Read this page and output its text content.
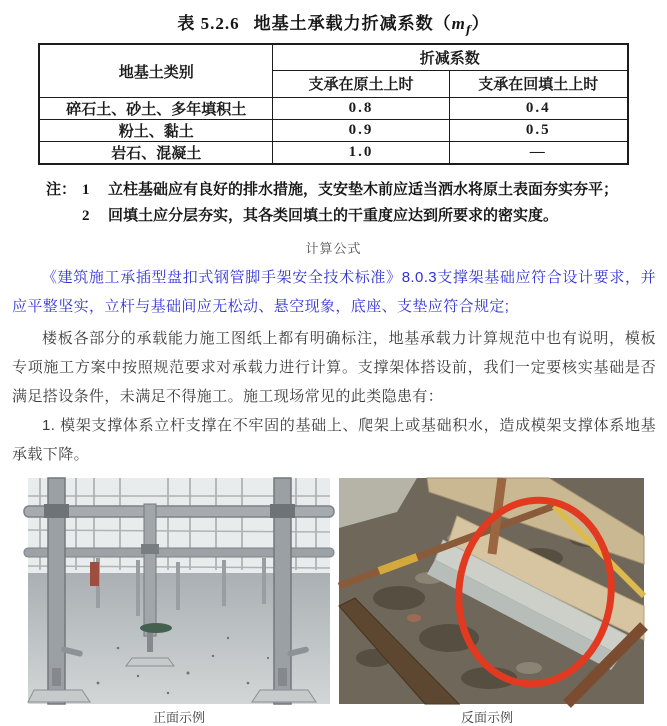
表 5.2.6 地基土承载力折减系数$(m_f)$
地基土类别	折减系数	
	支承在原土上时	支承在回填土上时
碎石土、砂土、多年填积土	0.8	0.4
粉土、黏土	0.9	0.5
岩石、混凝土	1.0	—
注： 1	立柱基础应有良好的排水措施，支安垫木前应适当洒水将原土表面夯实夯平；
2	回填土应分层夯实，其各类回填土的干重度应达到所要求的密实度。
计算公式

《建筑施工承插型盘扣式钢管脚手架安全技术标准》8.0.3支撑架基础应符合设计要求，并应平整坚实，立杆与基础间应无松动、悬空现象，底座、支垫应符合规定;

楼板各部分的承载能力施工图纸上都有明确标注，地基承载力计算规范中也有说明，模板专项施工方案中按照规范要求对承载力进行计算。支撑架体搭设前，我们一定要核实基础是否满足搭设条件，未满足不得施工。施工现场常见的此类隐患有：

1. 模架支撑体系立杆支撑在不牢固的基础上、爬架上或基础积水，造成模架支撑体系地基承载下降。

正面示例	反面示例
